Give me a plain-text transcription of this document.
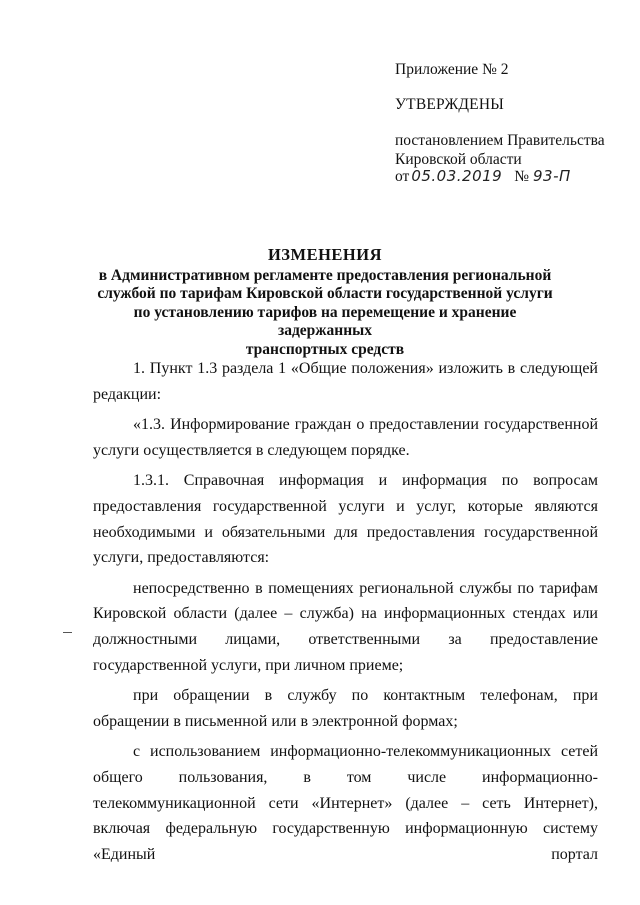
Приложение № 2
УТВЕРЖДЕНЫ
постановлением Правительства
Кировской области
от 05.03.2019 № 93-П
ИЗМЕНЕНИЯ
в Административном регламенте предоставления региональной
службой по тарифам Кировской области государственной услуги
по установлению тарифов на перемещение и хранение задержанных
транспортных средств

1. Пункт 1.3 раздела 1 «Общие положения» изложить в следующей редакции:

«1.3. Информирование граждан о предоставлении государственной услуги осуществляется в следующем порядке.

1.3.1. Справочная информация и информация по вопросам предоставления государственной услуги и услуг, которые являются необходимыми и обязательными для предоставления государственной услуги, предоставляются:

непосредственно в помещениях региональной службы по тарифам Кировской области (далее – служба) на информационных стендах или должностными лицами, ответственными за предоставление государственной услуги, при личном приеме;

при обращении в службу по контактным телефонам, при обращении в письменной или в электронной формах;

с использованием информационно-телекоммуникационных сетей общего пользования, в том числе информационно-телекоммуникационной сети «Интернет» (далее – сеть Интернет), включая федеральную государственную информационную систему «Единый портал
